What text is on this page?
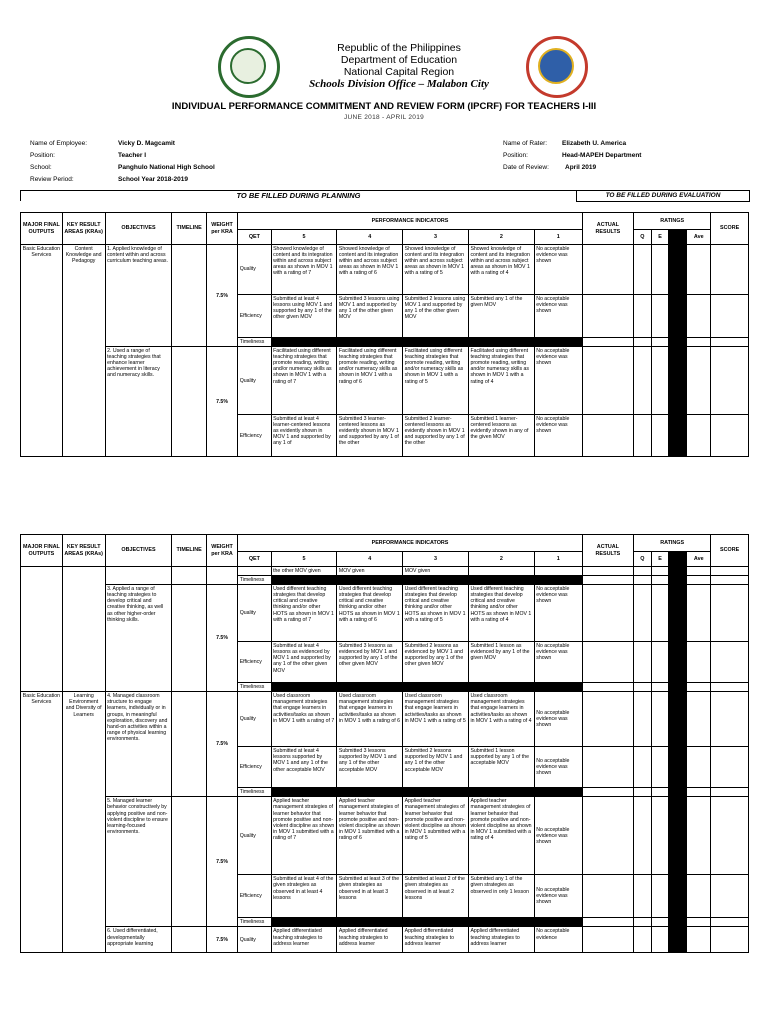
Republic of the Philippines
Department of Education
National Capital Region
Schools Division Office – Malabon City
INDIVIDUAL PERFORMANCE COMMITMENT AND REVIEW FORM (IPCRF) FOR TEACHERS I-III
JUNE 2018 - APRIL 2019
Name of Employee:	Vicky D. Magcamit
Position:	Teacher I
School:	Panghulo National High School
Review Period:	School Year 2018-2019
Name of Rater: Elizabeth U. America
Position:	Head-MAPEH Department
Date of Review: April 2019
TO BE FILLED DURING PLANNING	TO BE FILLED DURING EVALUATION
MAJOR FINAL OUTPUTS	KEY RESULT AREAS (KRAs)	OBJECTIVES	TIMELINE	WEIGHT per KRA	PERFORMANCE INDICATORS						ACTUAL RESULTS	RATINGS				SCORE
					QET	5	4	3	2	1		Q	E	T	Ave	
Basic Education Services	Content Knowledge and Pedagogy	1. Applied knowledge of content within and across curriculum teaching areas.		7.5%	Quality	Showed knowledge of content and its integration within and across subject areas as shown in MOV 1 with a rating of 7	Showed knowledge of content and its integration within and across subject areas as shown in MOV 1 with a rating of 6	Showed knowledge of content and its integration within and across subject areas as shown in MOV 1 with a rating of 5	Showed knowledge of content and its integration within and across subject areas as shown in MOV 1 with a rating of 4	No acceptable evidence was shown						
					Efficiency	Submitted at least 4 lessons using MOV 1 and supported by any 1 of the other given MOV	Submitted 3 lessons using MOV 1 and supported by any 1 of the other given MOV	Submitted 2 lessons using MOV 1 and supported by any 1 of the other given MOV	Submitted any 1 of the given MOV	No acceptable evidence was shown						
					Timeliness											
		2. Used a range of teaching strategies that enhance learner achievement in literacy and numeracy skills.		7.5%	Quality	Facilitated using different teaching strategies that promote reading, writing and/or numeracy skills as shown in MOV 1 with a rating of 7	Facilitated using different teaching strategies that promote reading, writing and/or numeracy skills as shown in MOV 1 with a rating of 6	Facilitated using different teaching strategies that promote reading, writing and/or numeracy skills as shown in MOV 1 with a rating of 5	Facilitated using different teaching strategies that promote reading, writing and/or numeracy skills as shown in MOV 1 with a rating of 4	No acceptable evidence was shown						
					Efficiency	Submitted at least 4 learner-centered lessons as evidently shown in MOV 1 and supported by any 1 of	Submitted 3 learner-centered lessons as evidently shown in MOV 1 and supported by any 1 of the other	Submitted 2 learner-centered lessons as evidently shown in MOV 1 and supported by any 1 of the other	Submitted 1 learner-centered lessons as evidently shown in any of the given MOV	No acceptable evidence was shown						
MAJOR FINAL OUTPUTS	KEY RESULT AREAS (KRAs)	OBJECTIVES	TIMELINE	WEIGHT per KRA	PERFORMANCE INDICATORS						ACTUAL RESULTS	RATINGS				SCORE
					QET	5	4	3	2	1		Q	E	T	Ave	
						the other MOV given	MOV given	MOV given								
					Timeliness											
		3. Applied a range of teaching strategies to develop critical and creative thinking, as well as other higher-order thinking skills.		7.5%	Quality	Used different teaching strategies that develop critical and creative thinking and/or other HOTS as shown in MOV 1 with a rating of 7	Used different teaching strategies that develop critical and creative thinking and/or other HOTS as shown in MOV 1 with a rating of 6	Used different teaching strategies that develop critical and creative thinking and/or other HOTS as shown in MOV 1 with a rating of 5	Used different teaching strategies that develop critical and creative thinking and/or other HOTS as shown in MOV 1 with a rating of 4	No acceptable evidence was shown						
					Efficiency	Submitted at least 4 lessons as evidenced by MOV 1 and supported by any 1 of the other given MOV	Submitted 3 lessons as evidenced by MOV 1 and supported by any 1 of the other given MOV	Submitted 2 lessons as evidenced by MOV 1 and supported by any 1 of the other given MOV	Submitted 1 lesson as evidenced by any 1 of the given MOV	No acceptable evidence was shown						
					Timeliness											
Basic Education Services	Learning Environment and Diversity of Learners	4. Managed classroom structure to engage learners, individually or in groups, in meaningful exploration, discovery and hand-on activities within a range of physical learning environments.		7.5%	Quality	Used classroom management strategies that engage learners in activities/tasks as shown in MOV 1 with a rating of 7	Used classroom management strategies that engage learners in activities/tasks as shown in MOV 1 with a rating of 6	Used classroom management strategies that engage learners in activities/tasks as shown in MOV 1 with a rating of 5	Used classroom management strategies that engage learners in activities/tasks as shown in MOV 1 with a rating of 4	No acceptable evidence was shown						
					Efficiency	Submitted at least 4 lessons supported by MOV 1 and any 1 of the other acceptable MOV	Submitted 3 lessons supported by MOV 1 and any 1 of the other acceptable MOV	Submitted 2 lessons supported by MOV 1 and any 1 of the other acceptable MOV	Submitted 1 lesson supported by any 1 of the acceptable MOV	No acceptable evidence was shown						
					Timeliness											
		5. Managed learner behavior constructively by applying positive and non-violent discipline to ensure learning-focused environments.		7.5%	Quality	Applied teacher management strategies of learner behavior that promote positive and non-violent discipline as shown in MOV 1 submitted with a rating of 7	Applied teacher management strategies of learner behavior that promote positive and non-violent discipline as shown in MOV 1 submitted with a rating of 6	Applied teacher management strategies of learner behavior that promote positive and non-violent discipline as shown in MOV 1 submitted with a rating of 5	Applied teacher management strategies of learner behavior that promote positive and non-violent discipline as shown in MOV 1 submitted with a rating of 4	No acceptable evidence was shown						
					Efficiency	Submitted at least 4 of the given strategies as observed in at least 4 lessons	Submitted at least 3 of the given strategies as observed in at least 3 lessons	Submitted at least 2 of the given strategies as observed in at least 2 lessons	Submitted any 1 of the given strategies as observed in only 1 lesson	No acceptable evidence was shown						
					Timeliness											
		6. Used differentiated, developmentally appropriate learning		7.5%	Quality	Applied differentiated teaching strategies to address learner	Applied differentiated teaching strategies to address learner	Applied differentiated teaching strategies to address learner	Applied differentiated teaching strategies to address learner	No acceptable evidence						
